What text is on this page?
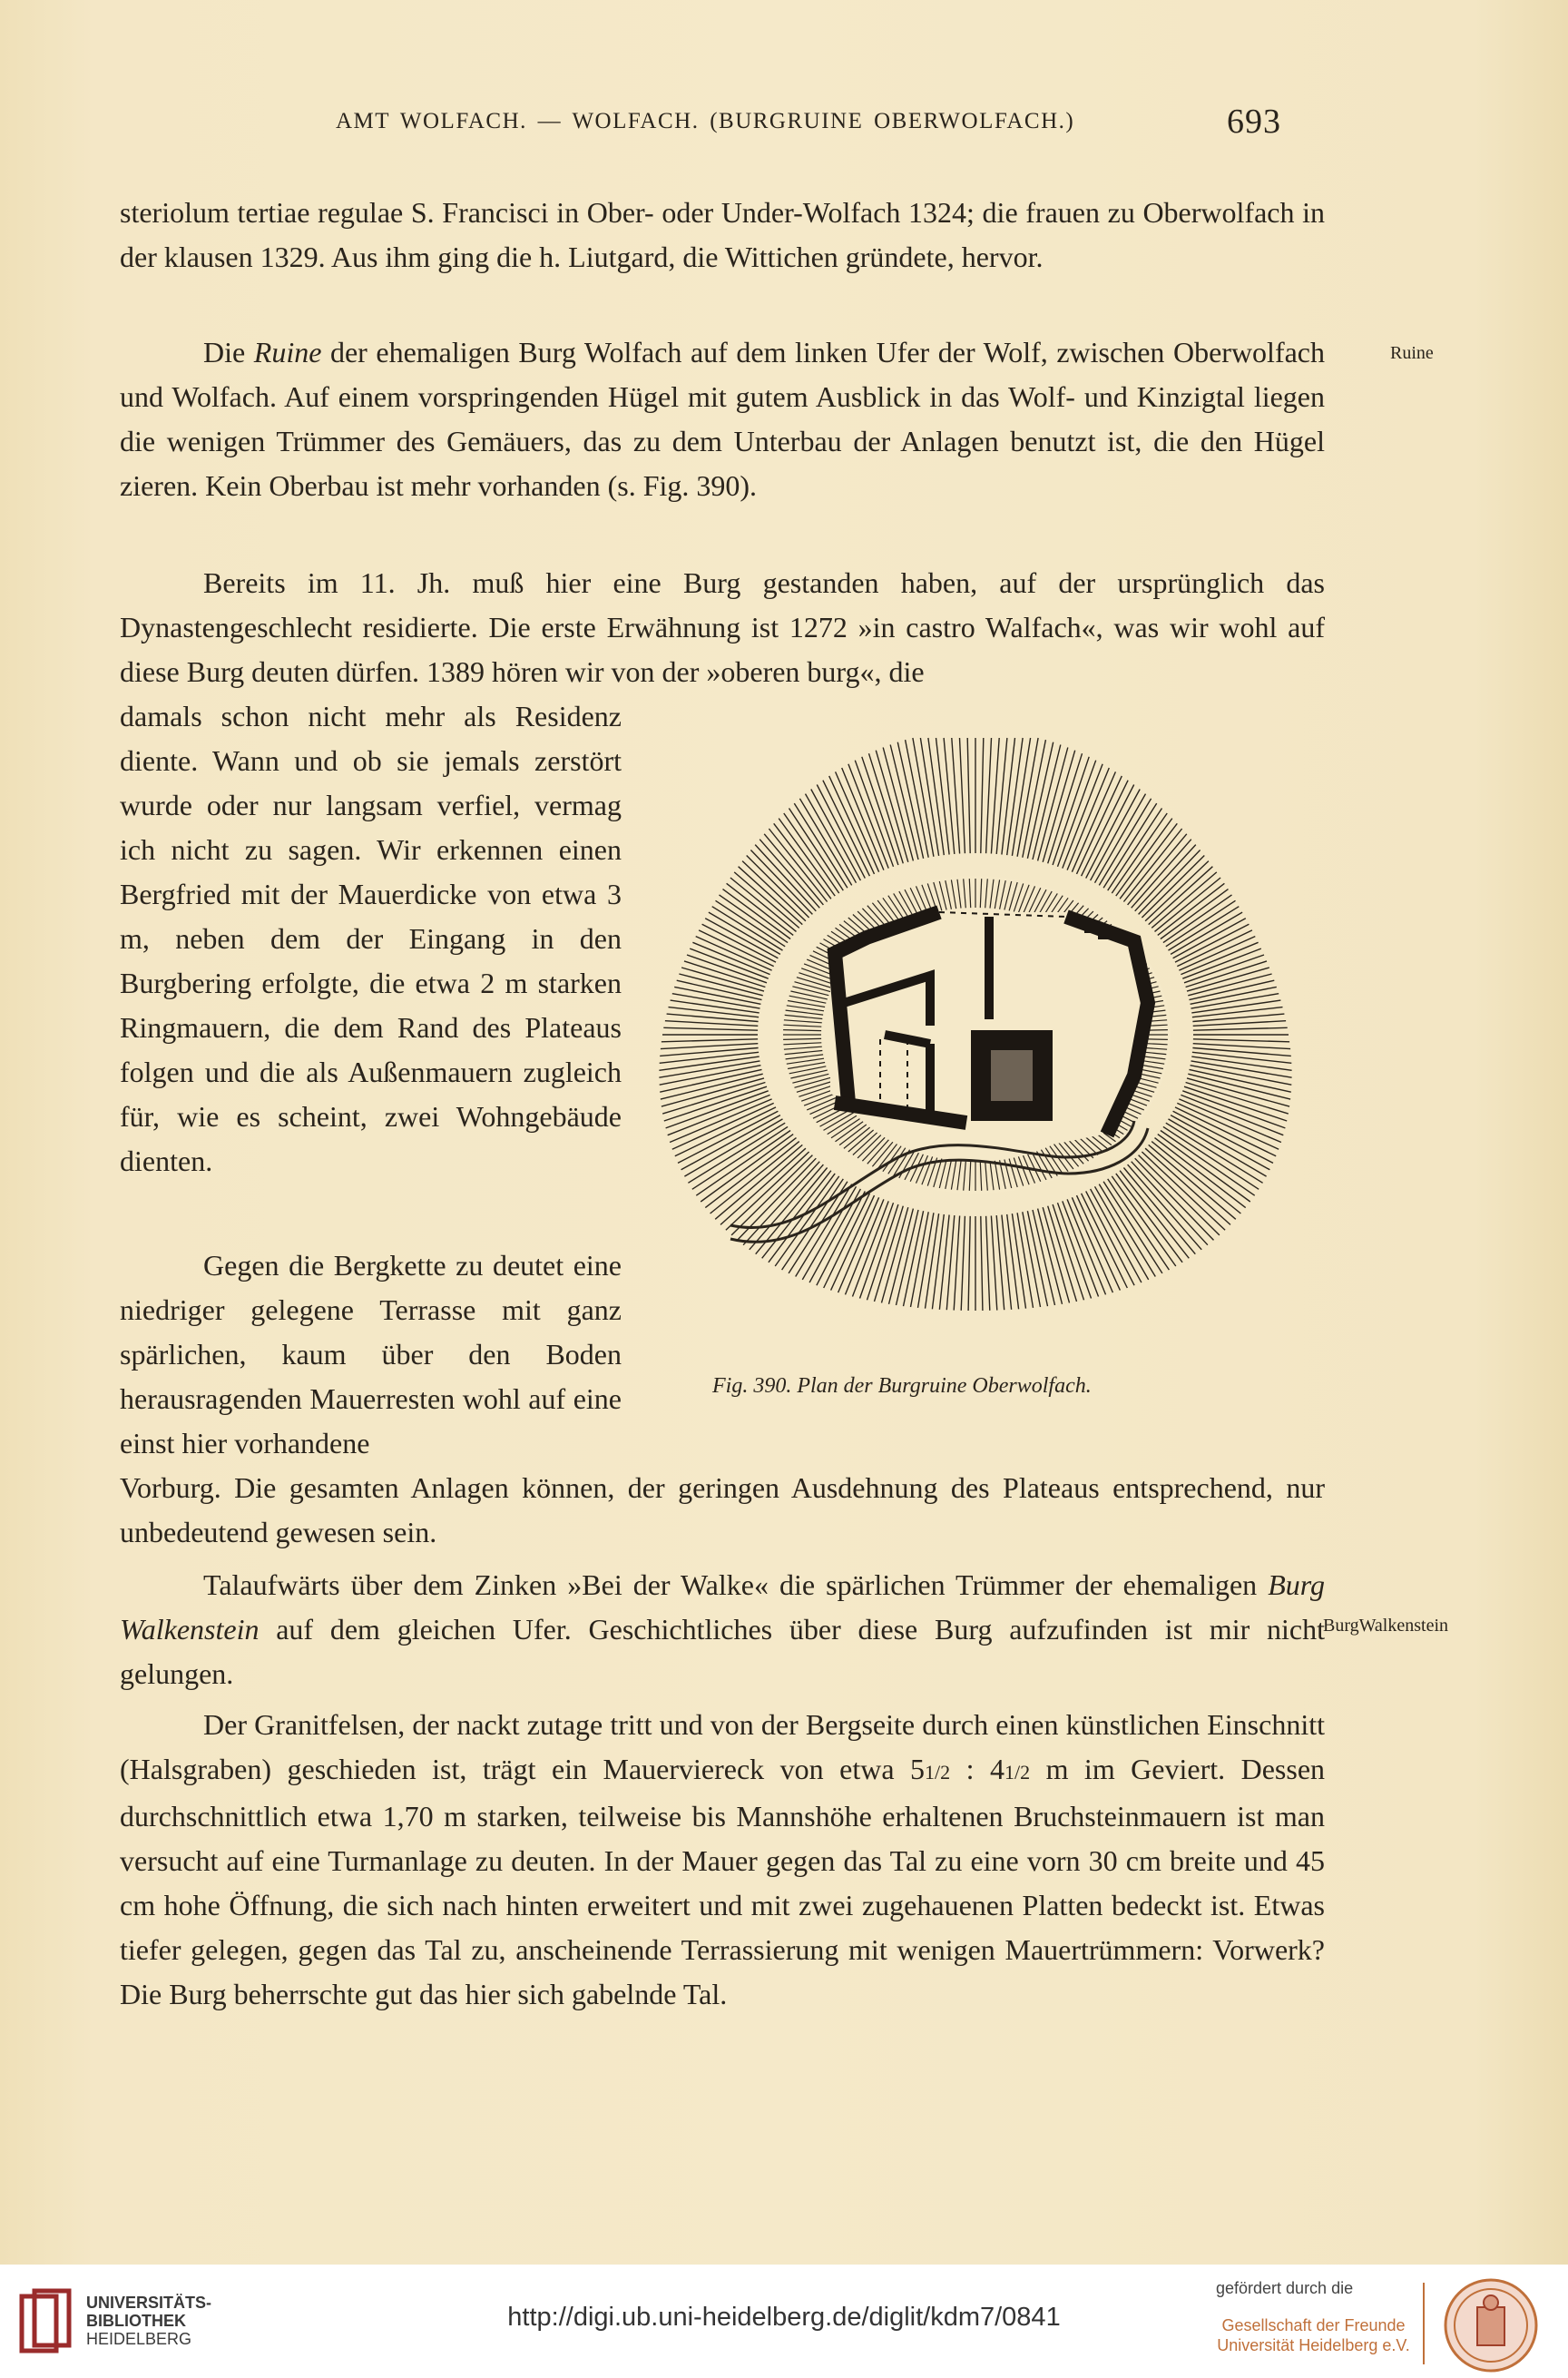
AMT WOLFACH. — WOLFACH. (BURGRUINE OBERWOLFACH.)	693

steriolum tertiae regulae S. Francisci in Ober- oder Under-Wolfach 1324; die frauen zu Oberwolfach in der klausen 1329. Aus ihm ging die h. Liutgard, die Wittichen gründete, hervor.

Die Ruine der ehemaligen Burg Wolfach auf dem linken Ufer der Wolf, zwischen Oberwolfach und Wolfach. Auf einem vorspringenden Hügel mit gutem Ausblick in das Wolf- und Kinzigtal liegen die wenigen Trümmer des Gemäuers, das zu dem Unterbau der Anlagen benutzt ist, die den Hügel zieren. Kein Oberbau ist mehr vorhanden (s. Fig. 390).

Ruine

Bereits im 11. Jh. muß hier eine Burg gestanden haben, auf der ursprünglich das Dynastengeschlecht residierte. Die erste Erwähnung ist 1272 »in castro Walfach«, was wir wohl auf diese Burg deuten dürfen. 1389 hören wir von der »oberen burg«, die

damals schon nicht mehr als Residenz diente. Wann und ob sie jemals zerstört wurde oder nur langsam verfiel, vermag ich nicht zu sagen. Wir erkennen einen Bergfried mit der Mauerdicke von etwa 3 m, neben dem der Eingang in den Burgbering erfolgte, die etwa 2 m starken Ringmauern, die dem Rand des Plateaus folgen und die als Außenmauern zugleich für, wie es scheint, zwei Wohngebäude dienten.

Gegen die Bergkette zu deutet eine niedriger gelegene Terrasse mit ganz spärlichen, kaum über den Boden herausragenden Mauerresten wohl auf eine einst hier vorhandene

Vorburg. Die gesamten Anlagen können, der geringen Ausdehnung des Plateaus entsprechend, nur unbedeutend gewesen sein.

Talaufwärts über dem Zinken »Bei der Walke« die spärlichen Trümmer der ehemaligen Burg Walkenstein auf dem gleichen Ufer. Geschichtliches über diese Burg aufzufinden ist mir nicht gelungen.

BurgWalkenstein

Der Granitfelsen, der nackt zutage tritt und von der Bergseite durch einen künstlichen Einschnitt (Halsgraben) geschieden ist, trägt ein Mauerviereck von etwa 51/2 : 41/2 m im Geviert. Dessen durchschnittlich etwa 1,70 m starken, teilweise bis Mannshöhe erhaltenen Bruchsteinmauern ist man versucht auf eine Turmanlage zu deuten. In der Mauer gegen das Tal zu eine vorn 30 cm breite und 45 cm hohe Öffnung, die sich nach hinten erweitert und mit zwei zugehauenen Platten bedeckt ist. Etwas tiefer gelegen, gegen das Tal zu, anscheinende Terrassierung mit wenigen Mauertrümmern: Vorwerk? Die Burg beherrschte gut das hier sich gabelnde Tal.

Fig. 390. Plan der Burgruine Oberwolfach.
UNIVERSITÄTS-
BIBLIOTHEK
HEIDELBERG
http://digi.ub.uni-heidelberg.de/diglit/kdm7/0841
gefördert durch die
Gesellschaft der Freunde
Universität Heidelberg e.V.
